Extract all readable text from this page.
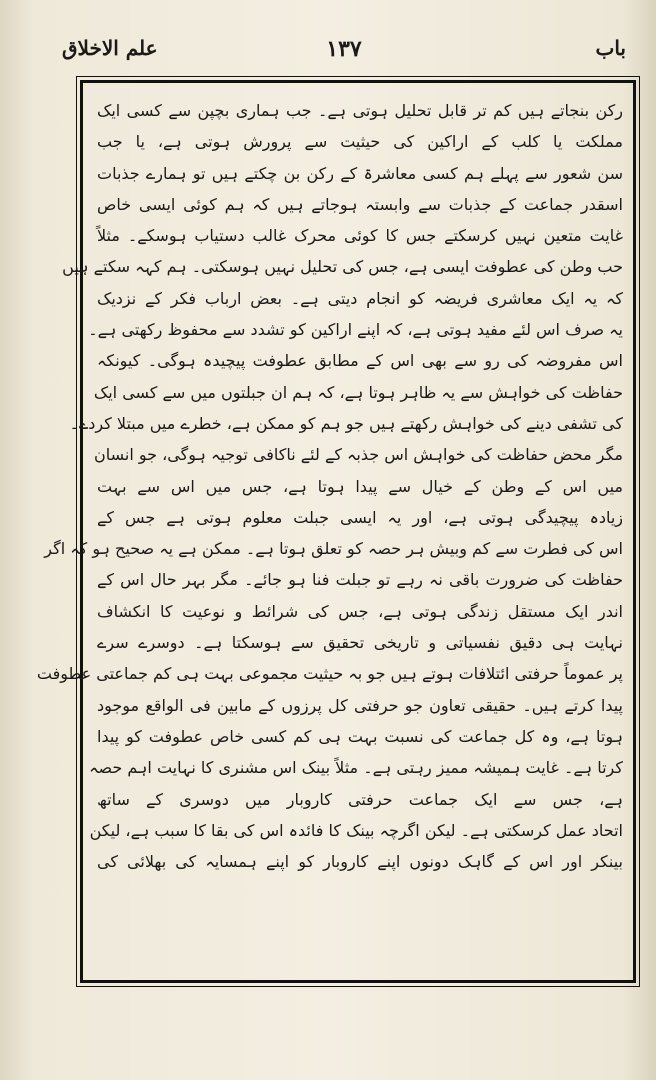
باب
۱۳۷
علم الاخلاق
رکن بنجاتے ہیں کم تر قابل تحلیل ہوتی ہے۔ جب ہماری بچپن سے کسی ایک
مملکت یا کلب کے اراکین کی حیثیت سے پرورش ہوتی ہے، یا جب
سن شعور سے پہلے ہم کسی معاشرۃ کے رکن بن چکتے ہیں تو ہمارے جذبات
اسقدر جماعت کے جذبات سے وابستہ ہوجاتے ہیں کہ ہم کوئی ایسی خاص
غایت متعین نہیں کرسکتے جس کا کوئی محرک غالب دستیاب ہوسکے۔ مثلاً
حب وطن کی عطوفت ایسی ہے، جس کی تحلیل نہیں ہوسکتی۔ ہم کہہ سکتے ہیں
کہ یہ ایک معاشری فریضہ کو انجام دیتی ہے۔ بعض ارباب فکر کے نزدیک
یہ صرف اس لئے مفید ہوتی ہے، کہ اپنے اراکین کو تشدد سے محفوظ رکھتی ہے۔
اس مفروضہ کی رو سے بھی اس کے مطابق عطوفت پیچیدہ ہوگی۔ کیونکہ
حفاظت کی خواہش سے یہ ظاہر ہوتا ہے، کہ ہم ان جبلتوں میں سے کسی ایک
کی تشفی دینے کی خواہش رکھتے ہیں جو ہم کو ممکن ہے، خطرے میں مبتلا کردے۔
مگر محض حفاظت کی خواہش اس جذبہ کے لئے ناکافی توجیہ ہوگی، جو انسان
میں اس کے وطن کے خیال سے پیدا ہوتا ہے، جس میں اس سے بہت
زیادہ پیچیدگی ہوتی ہے، اور یہ ایسی جبلت معلوم ہوتی ہے جس کے
اس کی فطرت سے کم وبیش ہر حصہ کو تعلق ہوتا ہے۔ ممکن ہے یہ صحیح ہو کہ اگر
حفاظت کی ضرورت باقی نہ رہے تو جبلت فنا ہو جائے۔ مگر بہر حال اس کے
اندر ایک مستقل زندگی ہوتی ہے، جس کی شرائط و نوعیت کا انکشاف
نہایت ہی دقیق نفسیاتی و تاریخی تحقیق سے ہوسکتا ہے۔ دوسرے سرے
پر عموماً حرفتی ائتلافات ہوتے ہیں جو بہ حیثیت مجموعی بہت ہی کم جماعتی عطوفت
پیدا کرتے ہیں۔ حقیقی تعاون جو حرفتی کل پرزوں کے مابین فی الواقع موجود
ہوتا ہے، وہ کل جماعت کی نسبت بہت ہی کم کسی خاص عطوفت کو پیدا
کرتا ہے۔ غایت ہمیشہ ممیز رہتی ہے۔ مثلاً بینک اس مشنری کا نہایت اہم حصہ
ہے، جس سے ایک جماعت حرفتی کاروبار میں دوسری کے ساتھ
اتحاد عمل کرسکتی ہے۔ لیکن اگرچہ بینک کا فائدہ اس کی بقا کا سبب ہے، لیکن
بینکر اور اس کے گاہک دونوں اپنے کاروبار کو اپنے ہمسایہ کی بھلائی کی
